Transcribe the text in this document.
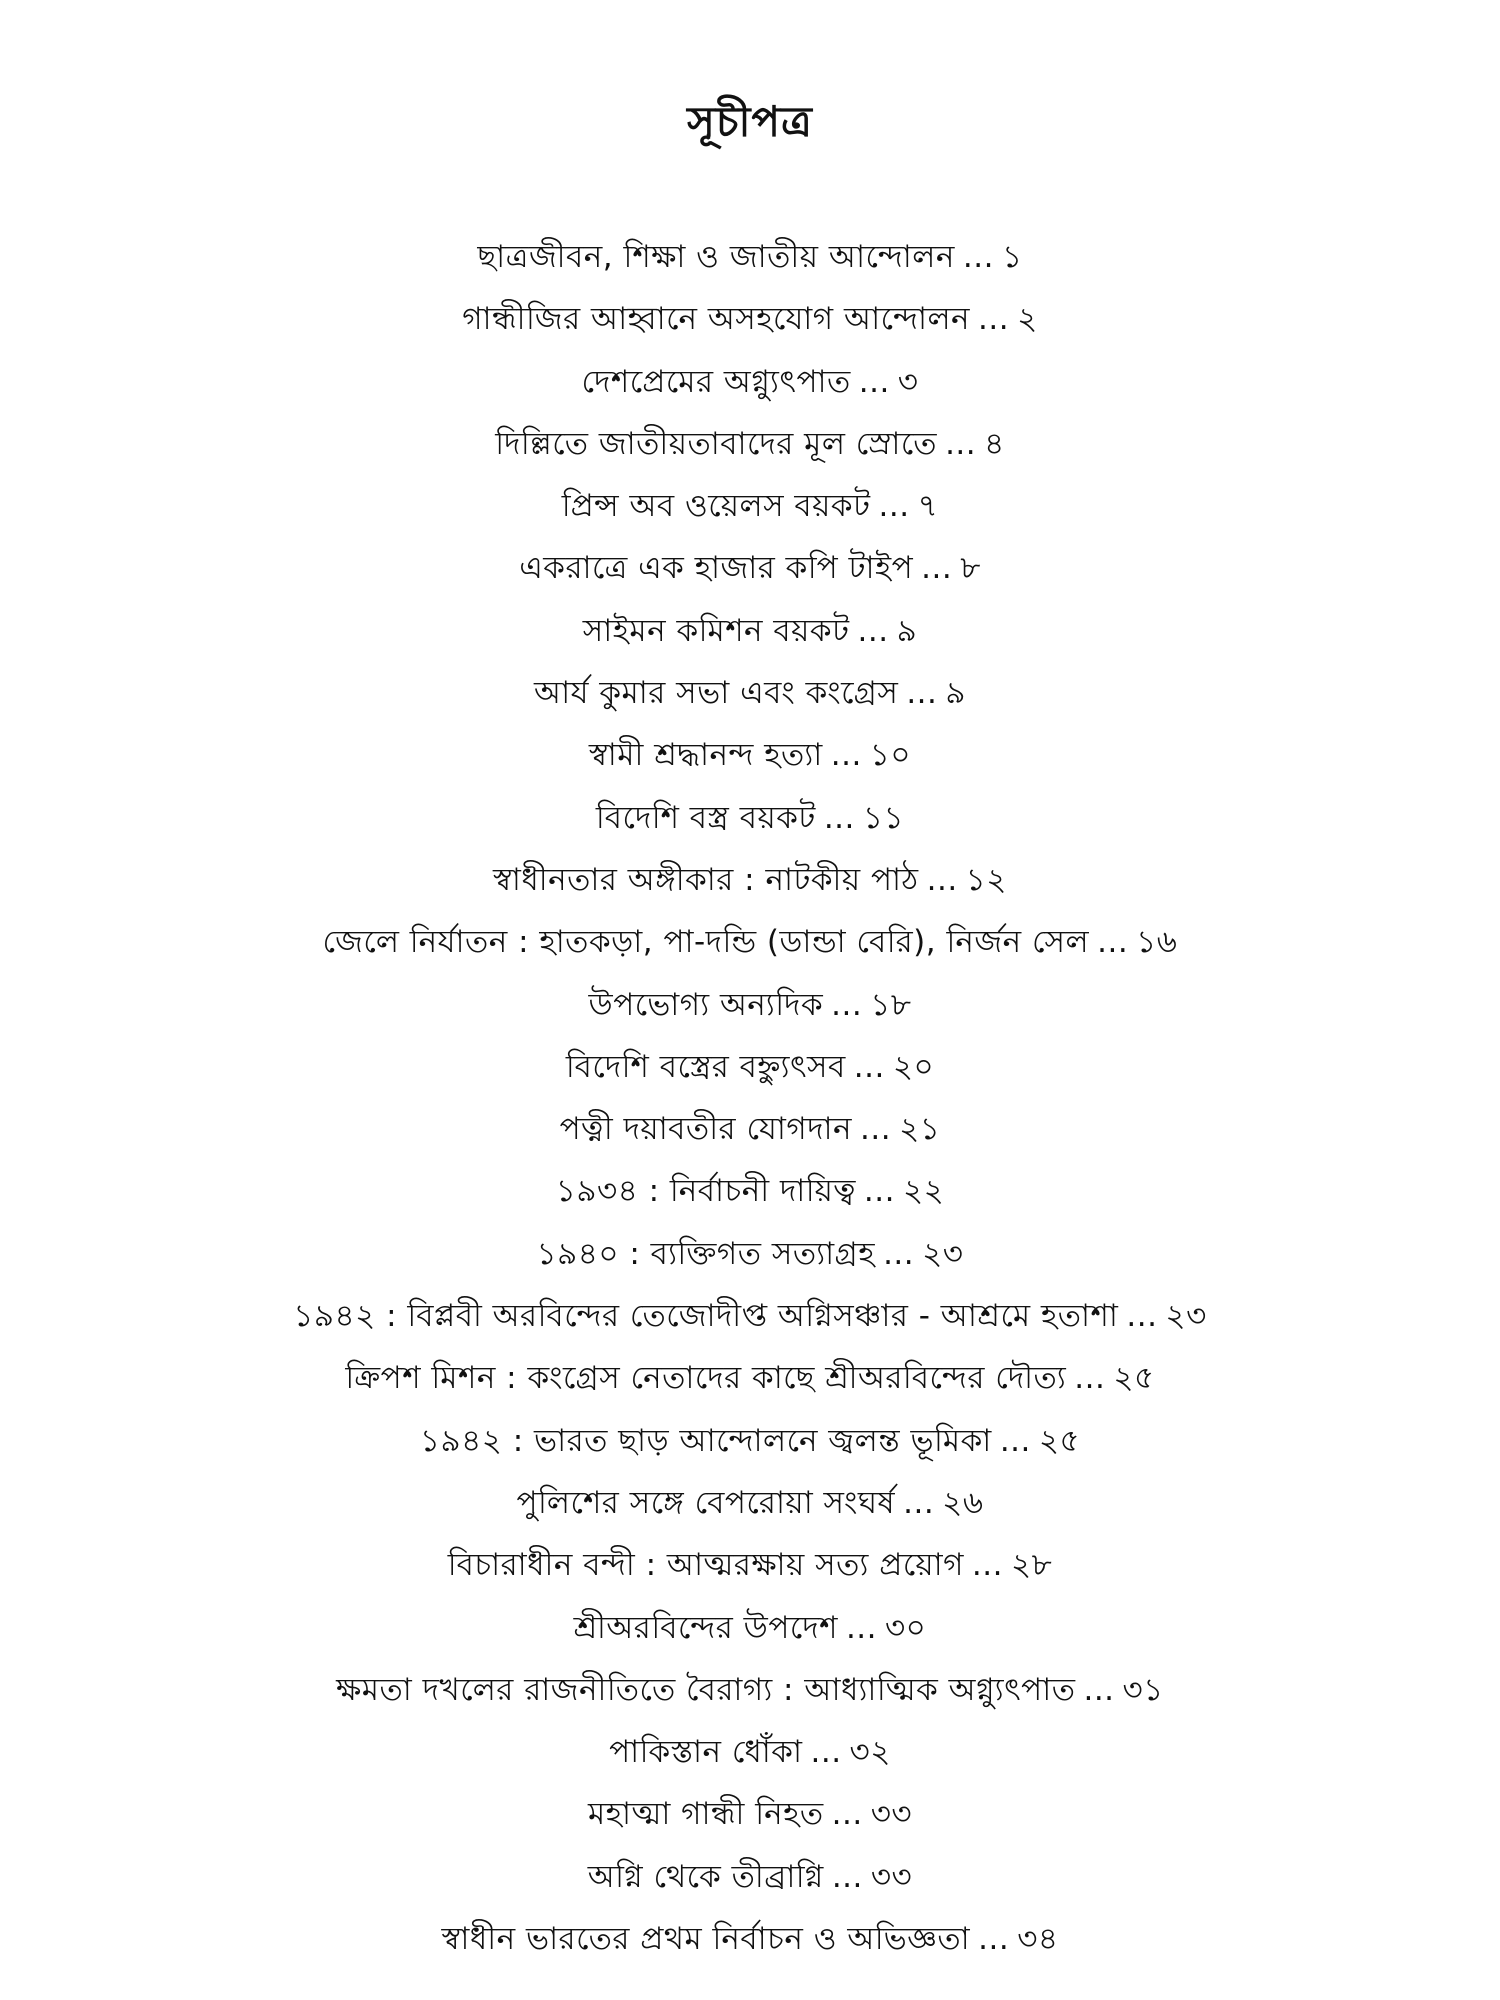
সূচীপত্র
ছাত্রজীবন, শিক্ষা ও জাতীয় আন্দোলন ... ১
গান্ধীজির আহ্বানে অসহযোগ আন্দোলন ... ২
দেশপ্রেমের অগ্ন্যুৎপাত ... ৩
দিল্লিতে জাতীয়তাবাদের মূল স্রোতে ... ৪
প্রিন্স অব ওয়েলস বয়কট ... ৭
একরাত্রে এক হাজার কপি টাইপ ... ৮
সাইমন কমিশন বয়কট ... ৯
আর্য কুমার সভা এবং কংগ্রেস ... ৯
স্বামী শ্রদ্ধানন্দ হত্যা ... ১০
বিদেশি বস্ত্র বয়কট ... ১১
স্বাধীনতার অঙ্গীকার : নাটকীয় পাঠ ... ১২
জেলে নির্যাতন : হাতকড়া, পা-দন্ডি (ডান্ডা বেরি), নির্জন সেল ... ১৬
উপভোগ্য অন্যদিক ... ১৮
বিদেশি বস্ত্রের বহ্ন্যুৎসব ... ২০
পত্নী দয়াবতীর যোগদান ... ২১
১৯৩৪ : নির্বাচনী দায়িত্ব ... ২২
১৯৪০ : ব্যক্তিগত সত্যাগ্রহ ... ২৩
১৯৪২ : বিপ্লবী অরবিন্দের তেজোদীপ্ত অগ্নিসঞ্চার - আশ্রমে হতাশা ... ২৩
ক্রিপশ মিশন : কংগ্রেস নেতাদের কাছে শ্রীঅরবিন্দের দৌত্য ... ২৫
১৯৪২ : ভারত ছাড় আন্দোলনে জ্বলন্ত ভূমিকা ... ২৫
পুলিশের সঙ্গে বেপরোয়া সংঘর্ষ ... ২৬
বিচারাধীন বন্দী : আত্মরক্ষায় সত্য প্রয়োগ ... ২৮
শ্রীঅরবিন্দের উপদেশ ... ৩০
ক্ষমতা দখলের রাজনীতিতে বৈরাগ্য : আধ্যাত্মিক অগ্ন্যুৎপাত ... ৩১
পাকিস্তান ধোঁকা ... ৩২
মহাত্মা গান্ধী নিহত ... ৩৩
অগ্নি থেকে তীব্রাগ্নি ... ৩৩
স্বাধীন ভারতের প্রথম নির্বাচন ও অভিজ্ঞতা ... ৩৪
